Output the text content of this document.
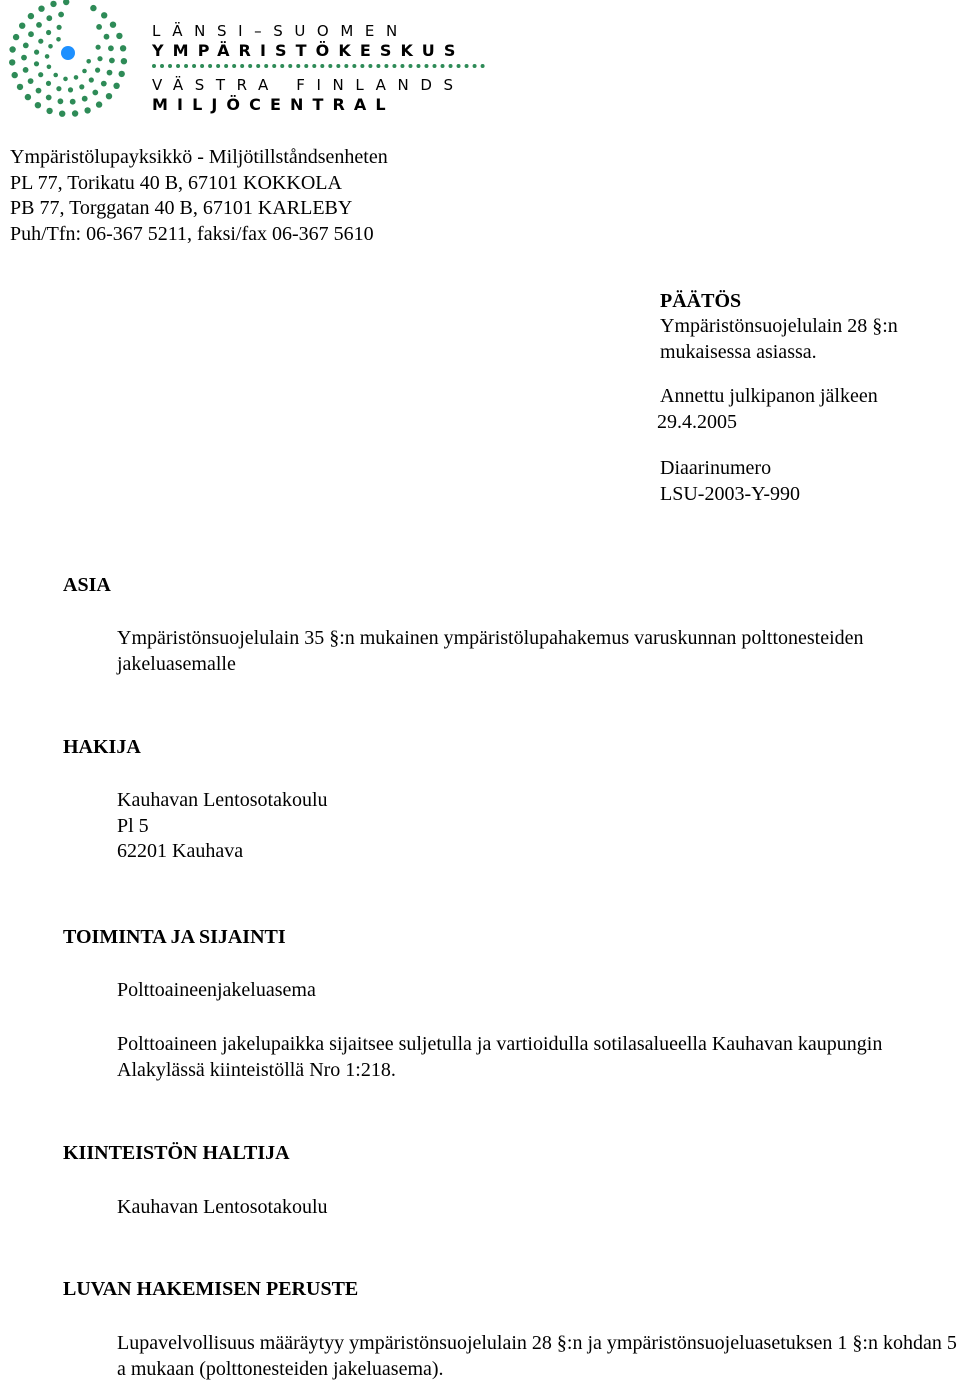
LÄNSI–SUOMEN
YMPÄRISTÖKESKUS
VÄSTRA FINLANDS
MILJÖCENTRAL
Ympäristölupayksikkö - Miljötillståndsenheten
PL 77, Torikatu 40 B, 67101 KOKKOLA
PB 77, Torggatan 40 B, 67101 KARLEBY
Puh/Tfn: 06-367 5211, faksi/fax 06-367 5610
PÄÄTÖS
Ympäristönsuojelulain 28 §:n
mukaisessa asiassa.
Annettu julkipanon jälkeen
29.4.2005
Diaarinumero
LSU-2003-Y-990
ASIA
Ympäristönsuojelulain 35 §:n mukainen ympäristölupahakemus varuskunnan polttonesteiden jakeluasemalle
HAKIJA
Kauhavan Lentosotakoulu
Pl 5
62201 Kauhava
TOIMINTA JA SIJAINTI
Polttoaineenjakeluasema
Polttoaineen jakelupaikka sijaitsee suljetulla ja vartioidulla sotilasalueella Kauhavan kaupungin Alakylässä kiinteistöllä Nro 1:218.
KIINTEISTÖN HALTIJA
Kauhavan Lentosotakoulu
LUVAN HAKEMISEN PERUSTE
Lupavelvollisuus määräytyy ympäristönsuojelulain 28 §:n ja ympäristönsuojeluasetuksen 1 §:n kohdan 5 a mukaan (polttonesteiden jakeluasema).
